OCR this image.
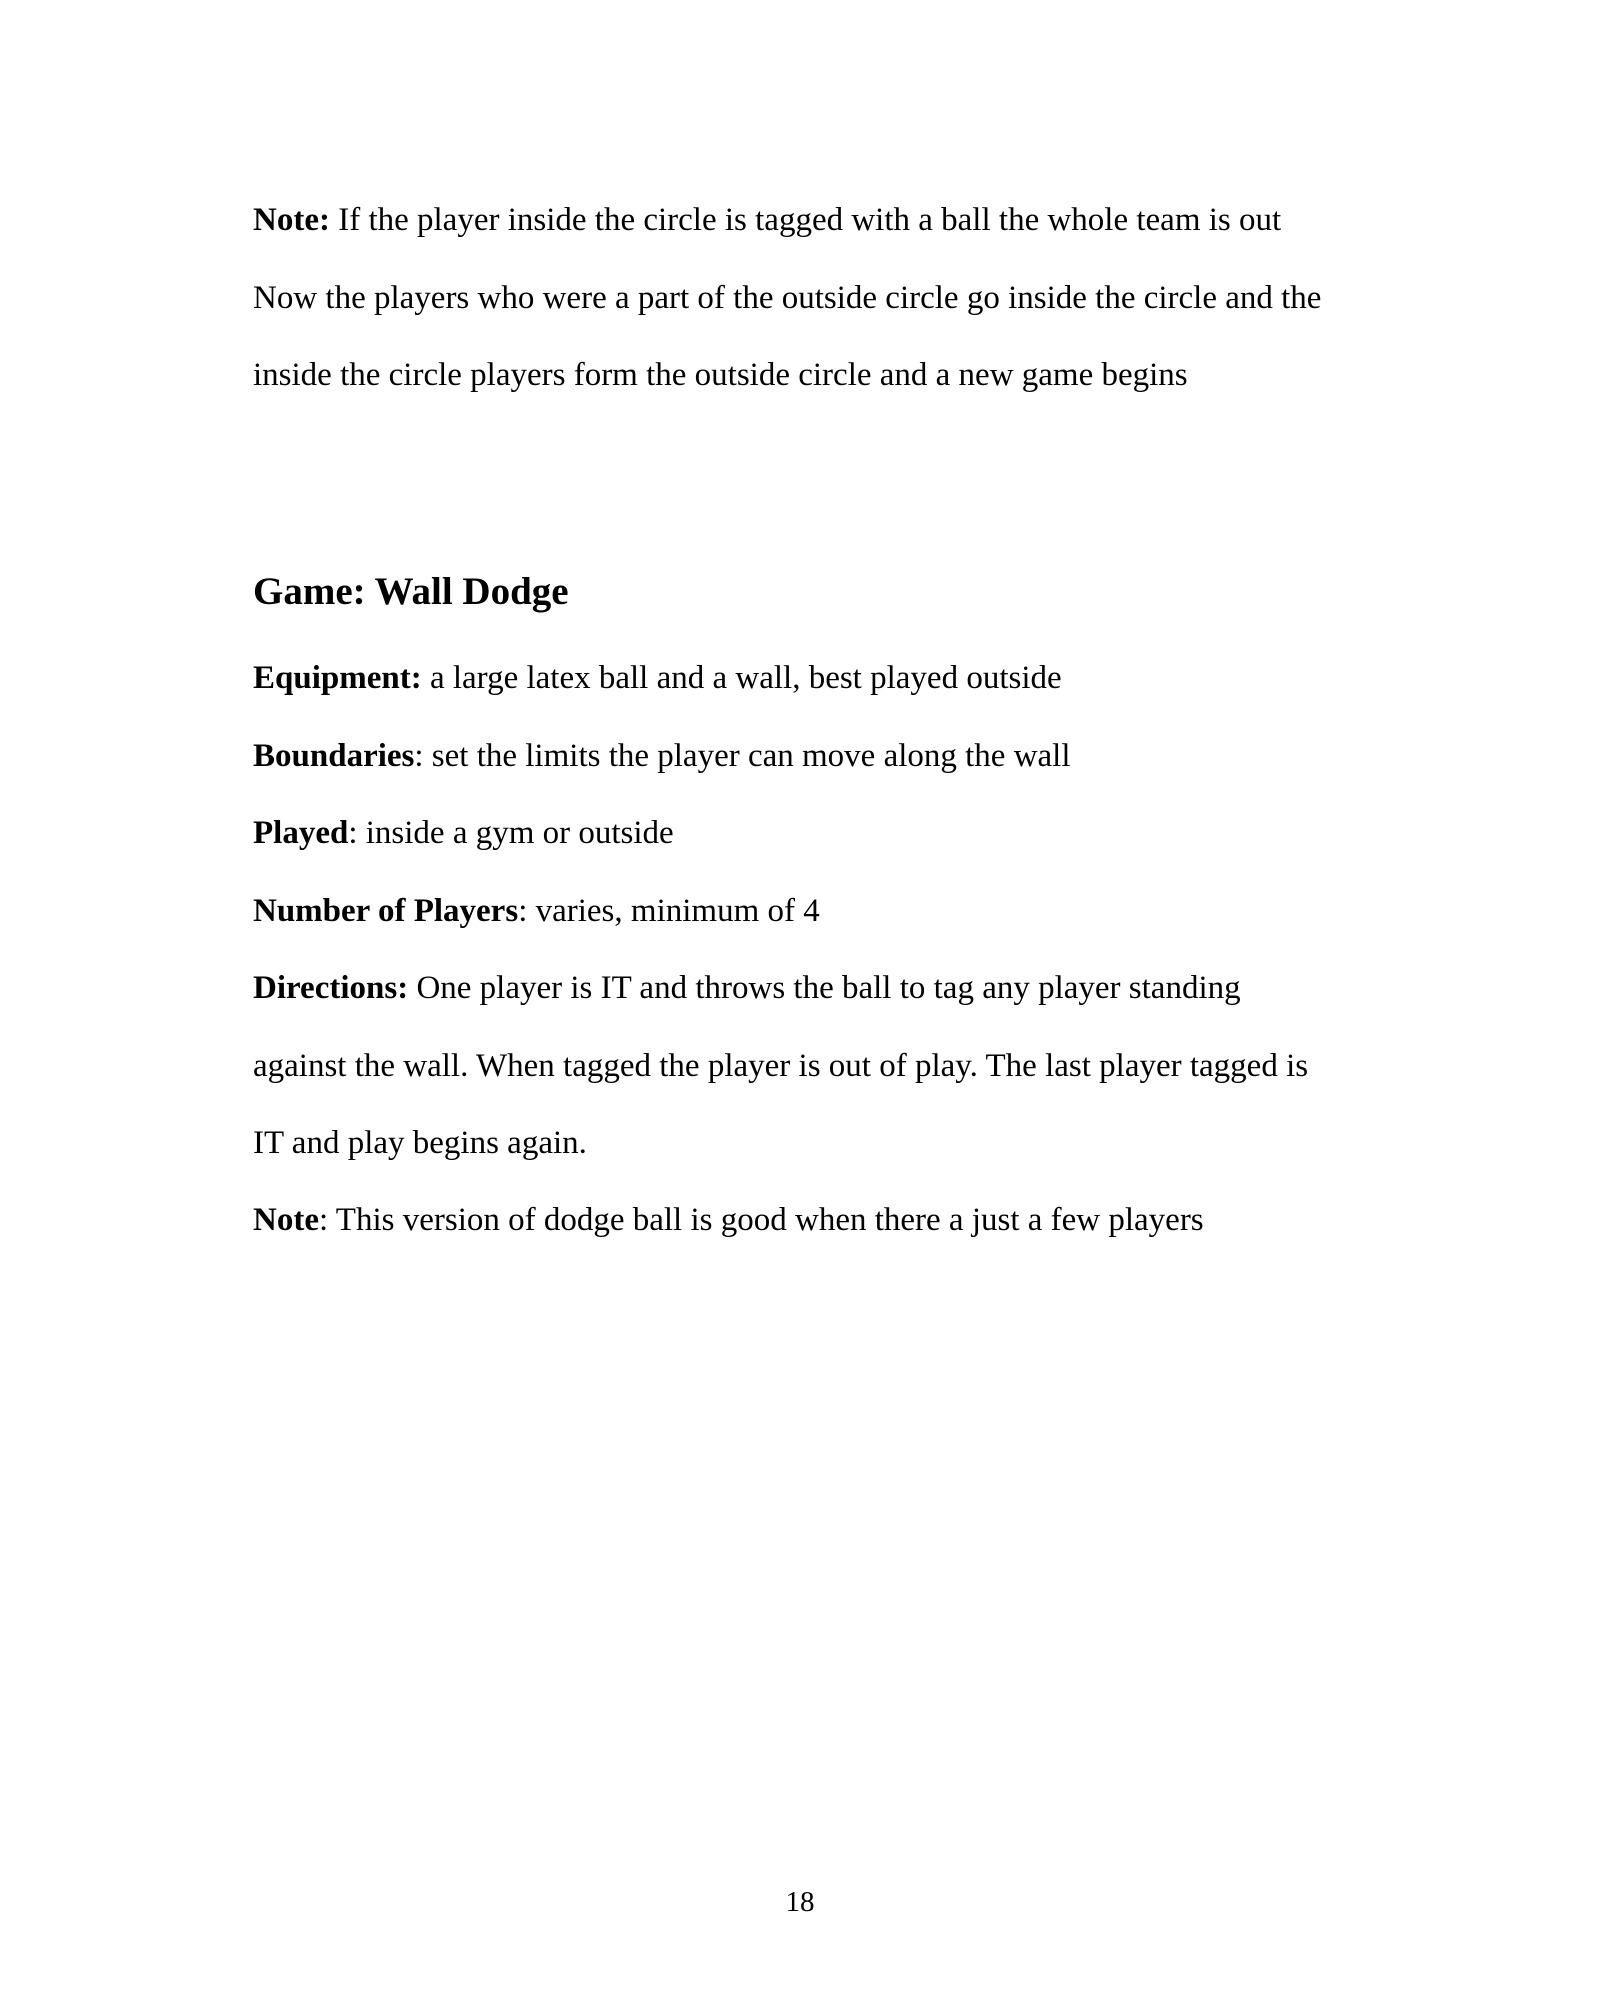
Note: If the player inside the circle is tagged with a ball the whole team is out

Now the players who were a part of the outside circle go inside the circle and the

inside the circle players form the outside circle and a new game begins

Game: Wall Dodge

Equipment: a large latex ball and a wall, best played outside

Boundaries: set the limits the player can move along the wall

Played: inside a gym or outside

Number of Players: varies, minimum of 4

Directions: One player is IT and throws the ball to tag any player standing

against the wall. When tagged the player is out of play. The last player tagged is

IT and play begins again.

Note: This version of dodge ball is good when there a just a few players

18
